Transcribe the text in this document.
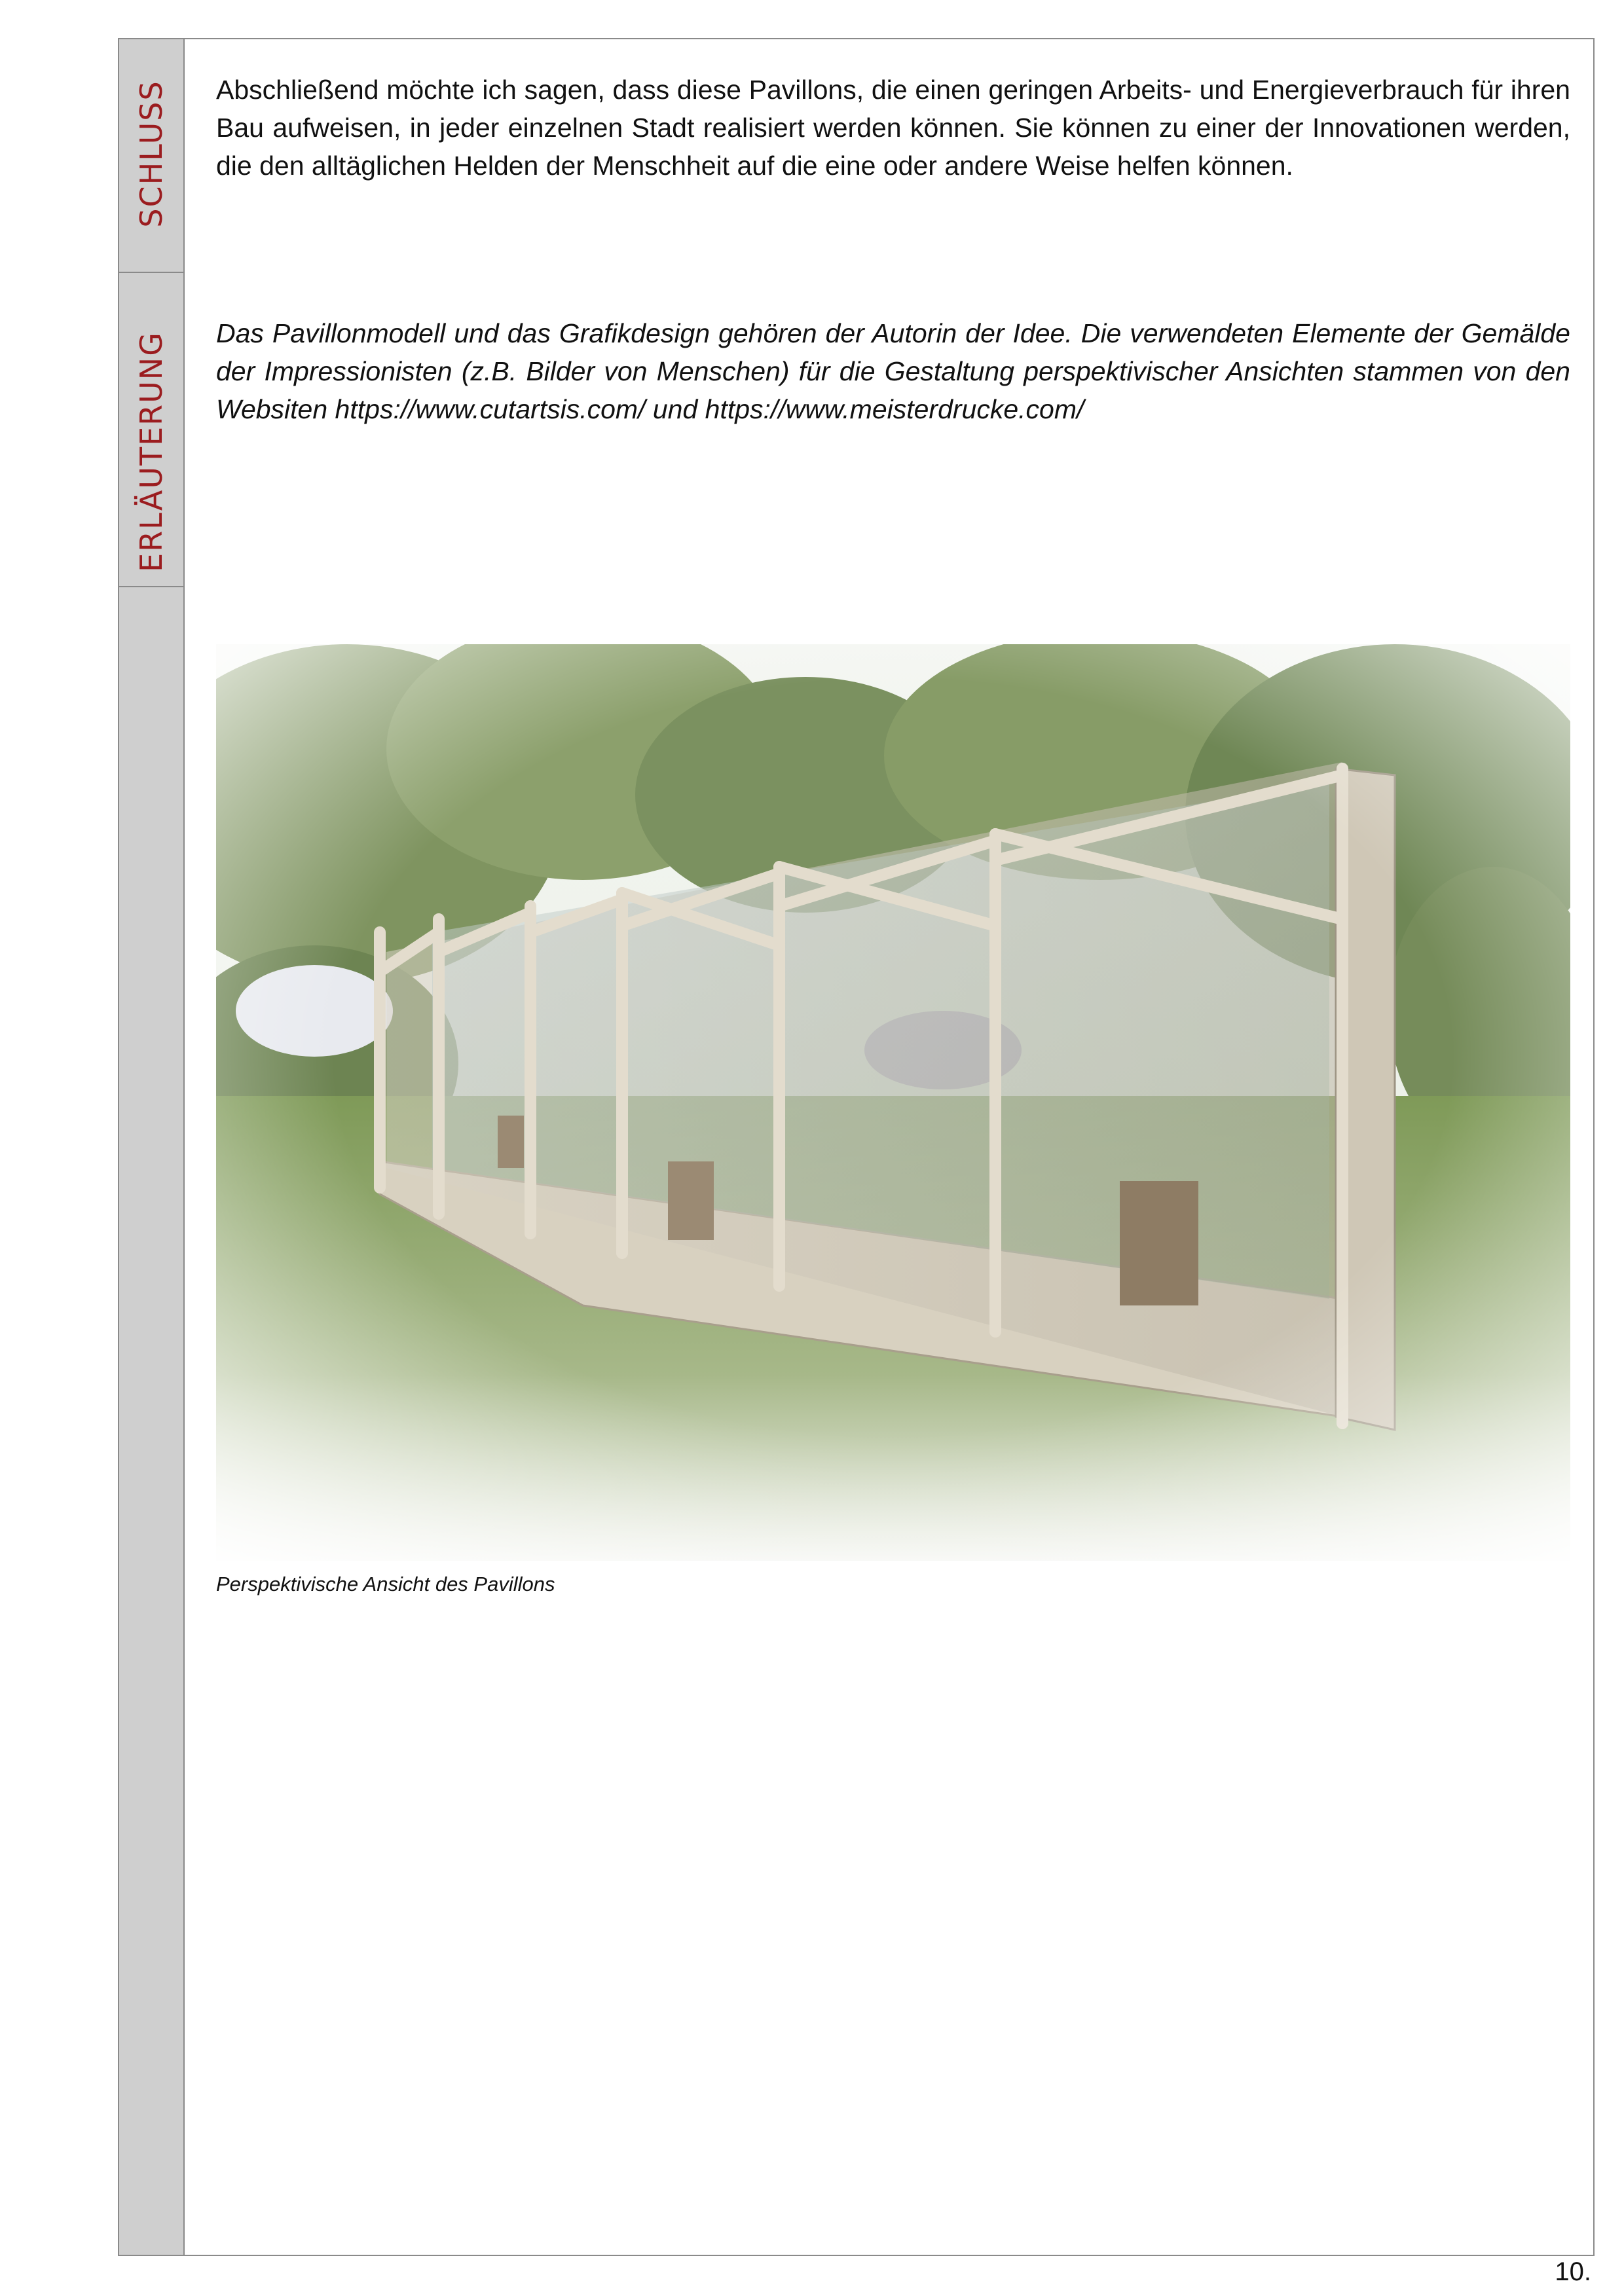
SCHLUSS
ERLÄUTERUNG

Abschließend möchte ich sagen, dass diese Pavillons, die einen geringen Arbeits- und Energieverbrauch für ihren Bau aufweisen, in jeder einzelnen Stadt realisiert werden können. Sie können zu einer der Innovationen werden, die den alltäglichen Helden der Menschheit auf die eine oder andere Weise helfen können.

Das Pavillonmodell und das Grafikdesign gehören der Autorin der Idee. Die verwendeten Elemente der Gemälde der Impressionisten (z.B. Bilder von Menschen) für die Gestaltung perspektivischer Ansichten stammen von den Websiten https://www.cutartsis.com/ und https://www.meisterdrucke.com/

Perspektivische Ansicht des Pavillons

10.
